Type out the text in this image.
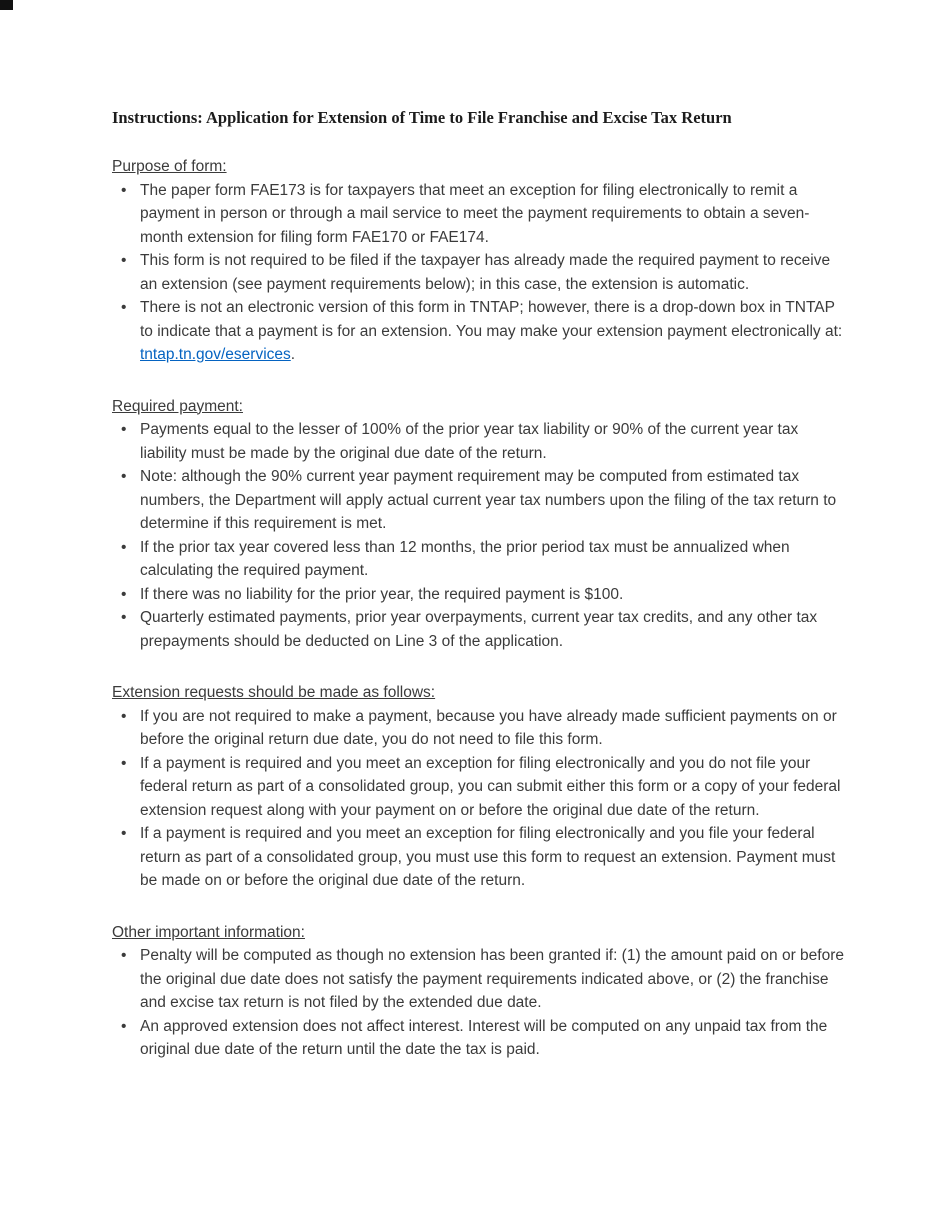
Instructions: Application for Extension of Time to File Franchise and Excise Tax Return
Purpose of form:
• The paper form FAE173 is for taxpayers that meet an exception for filing electronically to remit a payment in person or through a mail service to meet the payment requirements to obtain a seven-month extension for filing form FAE170 or FAE174.
• This form is not required to be filed if the taxpayer has already made the required payment to receive an extension (see payment requirements below); in this case, the extension is automatic.
• There is not an electronic version of this form in TNTAP; however, there is a drop-down box in TNTAP to indicate that a payment is for an extension. You may make your extension payment electronically at: tntap.tn.gov/eservices.
Required payment:
• Payments equal to the lesser of 100% of the prior year tax liability or 90% of the current year tax liability must be made by the original due date of the return.
• Note: although the 90% current year payment requirement may be computed from estimated tax numbers, the Department will apply actual current year tax numbers upon the filing of the tax return to determine if this requirement is met.
• If the prior tax year covered less than 12 months, the prior period tax must be annualized when calculating the required payment.
• If there was no liability for the prior year, the required payment is $100.
• Quarterly estimated payments, prior year overpayments, current year tax credits, and any other tax prepayments should be deducted on Line 3 of the application.
Extension requests should be made as follows:
• If you are not required to make a payment, because you have already made sufficient payments on or before the original return due date, you do not need to file this form.
• If a payment is required and you meet an exception for filing electronically and you do not file your federal return as part of a consolidated group, you can submit either this form or a copy of your federal extension request along with your payment on or before the original due date of the return.
• If a payment is required and you meet an exception for filing electronically and you file your federal return as part of a consolidated group, you must use this form to request an extension. Payment must be made on or before the original due date of the return.
Other important information:
• Penalty will be computed as though no extension has been granted if: (1) the amount paid on or before the original due date does not satisfy the payment requirements indicated above, or (2) the franchise and excise tax return is not filed by the extended due date.
• An approved extension does not affect interest. Interest will be computed on any unpaid tax from the original due date of the return until the date the tax is paid.
